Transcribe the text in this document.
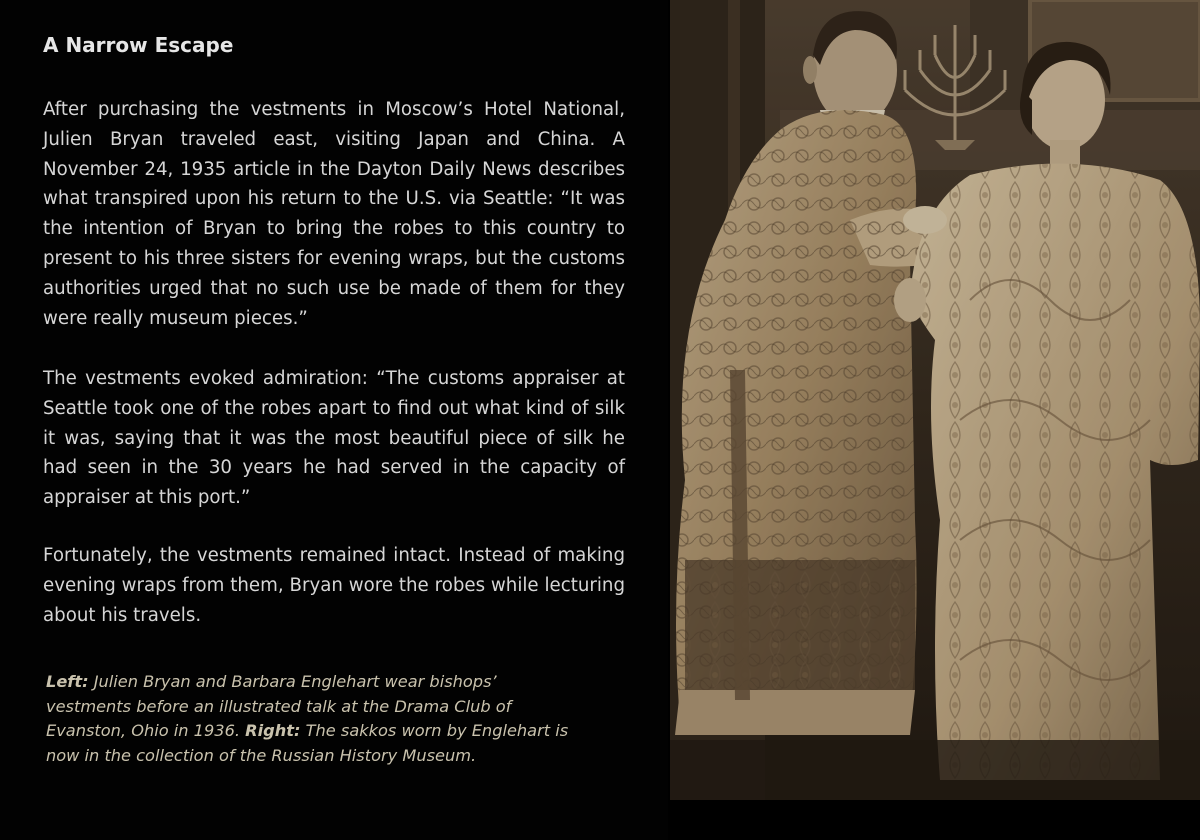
A Narrow Escape

After purchasing the vestments in Moscow’s Hotel National, Julien Bryan traveled east, visiting Japan and China. A November 24, 1935 article in the Dayton Daily News describes what transpired upon his return to the U.S. via Seattle: “It was the intention of Bryan to bring the robes to this country to present to his three sisters for evening wraps, but the customs authorities urged that no such use be made of them for they were really museum pieces.”

The vestments evoked admiration: “The customs appraiser at Seattle took one of the robes apart to find out what kind of silk it was, saying that it was the most beautiful piece of silk he had seen in the 30 years he had served in the capacity of appraiser at this port.”

Fortunately, the vestments remained intact. Instead of making evening wraps from them, Bryan wore the robes while lecturing about his travels.

Left: Julien Bryan and Barbara Englehart wear bishops’ vestments before an illustrated talk at the Drama Club of Evanston, Ohio in 1936. Right: The sakkos worn by Englehart is now in the collection of the Russian History Museum.
